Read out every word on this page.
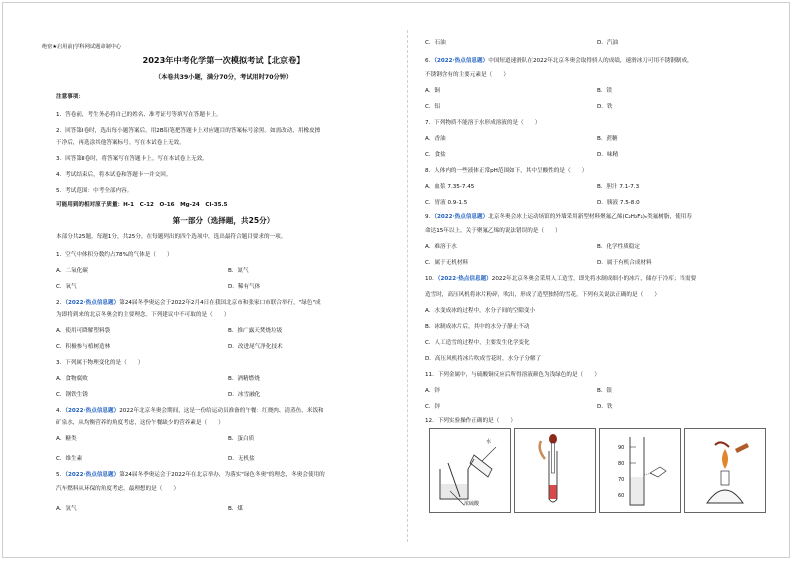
绝密★启用前|学科网试题命制中心
2023年中考化学第一次模拟考试【北京卷】
（本卷共39小题，满分70分，考试用时70分钟）
注意事项：
1．答卷前，考生务必将自己的姓名、准考证号等填写在答题卡上。
2．回答第Ⅰ卷时，选出每小题答案后，用2B铅笔把答题卡上对应题目的答案标号涂黑。如需改动，用橡皮擦
干净后，再选涂其他答案标号。写在本试卷上无效。
3．回答第Ⅱ卷时，将答案写在答题卡上。写在本试卷上无效。
4．考试结束后，将本试卷和答题卡一并交回。
5．考试范围：中考全部内容。
可能用到的相对原子质量：H-1　C-12　O-16　Mg-24　Cl-35.5
第一部分（选择题，共25分）
本部分共25题，每题1分，共25分。在每题列出的四个选项中，选出最符合题目要求的一项。
1．空气中体积分数约占78%的气体是（　　）
A．二氧化碳	B．氮气
C．氧气	D．稀有气体
2．（2022·热点信息题）第24届冬季奥运会于2022年2月4日在我国北京市和张家口市联合举行，"绿色"成
为即将到来的北京冬奥会的主要理念。下列建议中不可取的是（　　）
A．使用可降解塑料袋	B．推广露天焚烧垃圾
C．积极参与植树造林	D．改进尾气净化技术
3．下列属于物理变化的是（　　）
A．食物腐败	B．酒精燃烧
C．钢铁生锈	D．冰雪融化
4．（2022·热点信息题）2022年北京冬奥会期间，这是一份给运动员准备的午餐：红烧肉、清蒸鱼、米饭和
矿泉水，从均衡营养的角度考虑，这份午餐缺少的营养素是（　　）
A．糖类	B．蛋白质
C．维生素	D．无机盐
5．（2022·热点信息题）第24届冬季奥运会于2022年在北京举办，为落实"绿色冬奥"的理念，冬奥会使用的
汽车燃料从环保的角度考虑，最理想的是（　　）
A．氢气	B．煤
C．石油	D．汽油
6．（2022·热点信息题）中国短道速滑队在2022年北京冬奥会取得骄人的成绩，速滑冰刀可用不锈钢制成，
不锈钢含有的主要元素是（　　）
A．铜	B．镁
C．铝	D．铁
7．下列物质不能溶于水形成溶液的是（　　）
A．香油	B．蔗糖
C．食盐	D．味精
8．人体内的一些液体正常pH范围如下，其中呈酸性的是（　　）
A．血浆 7.35-7.45	B．胆汁 7.1-7.3
C．胃液 0.9-1.5	D．胰液 7.5-8.0
9．（2022·热点信息题）北京冬奥会冰上运动场馆的外墙采用新型材料聚氟乙烯(C₂H₂F₂)ₙ类氟树脂，使用寿
命达15年以上，关于聚氟乙烯的说法错误的是（　　）
A．难溶于水	B．化学性质稳定
C．属于无机材料	D．属于有机合成材料
10．（2022·热点信息题）2022年北京冬奥会采用人工造雪，即先将水制成细小的冰片，储存于冷库；当需要
造雪时，高压风机将冰片粉碎，吹出，形成了造型独特的雪花。下列有关说法正确的是（　　）
A．水变成冰的过程中，水分子间的空隙变小
B．冰制成冰片后，其中的水分子静止不动
C．人工造雪的过程中，主要发生化学变化
D．高压风机将冰片吹成雪花时，水分子分解了
11．下列金属中，与硫酸铜反应后所得溶液颜色为浅绿色的是（　　）
A．锌	B．银
C．锌	D．铁
12．下列实验操作正确的是（　　）
水
浓硫酸
90
80
70
60
